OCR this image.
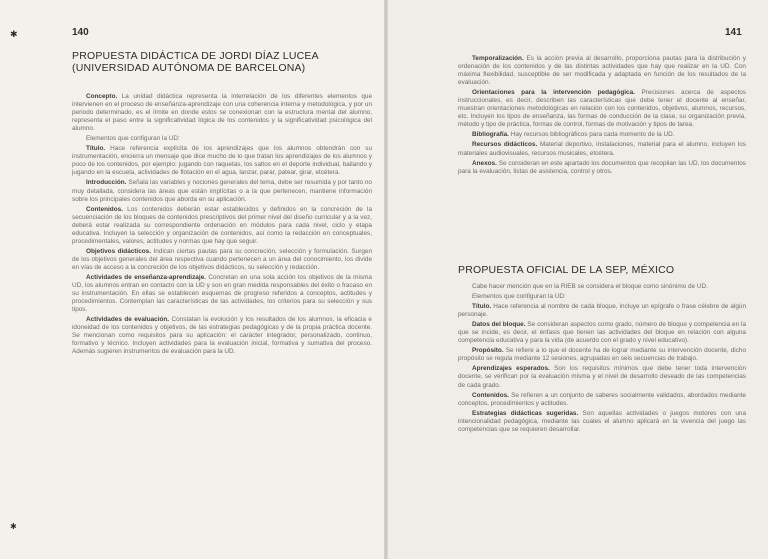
✱
✱
140	141
PROPUESTA DIDÁCTICA DE JORDI DÍAZ LUCEA
(UNIVERSIDAD AUTÓNOMA DE BARCELONA)

Concepto. La unidad didáctica representa la interrelación de los diferentes elementos que intervienen en el proceso de enseñanza-aprendizaje con una coherencia interna y metodológica, y por un periodo determinado, es el límite en donde estos se conexionan con la estructura mental del alumno, representa el paso entre la significatividad lógica de los contenidos y la significatividad psicológica del alumno.

Elementos que configuran la UD:

Título. Hace referencia explícita de los aprendizajes que los alumnos obtendrán con su instrumentación, encierra un mensaje que dice mucho de lo que tratan los aprendizajes de los alumnos y poco de los contenidos, por ejemplo: jugando con raquetas, los saltos en el deporte individual, bailando y jugando en la escuela, actividades de flotación en el agua, lanzar, parar, patear, girar, etcétera.

Introducción. Señala las variables y nociones generales del tema, debe ser resumida y por tanto no muy detallada, considera las áreas que están implícitas o a la que pertenecen, mantiene información sobre los principales contenidos que aborda en su aplicación.

Contenidos. Los contenidos deberán estar establecidos y definidos en la concreción de la secuenciación de los bloques de contenidos prescriptivos del primer nivel del diseño curricular y a la vez, deberá estar realizada su correspondiente ordenación en módulos para cada nivel, ciclo y etapa educativa. Incluyen la selección y organización de contenidos, así como la redacción en conceptuales, procedimentales, valores, actitudes y normas que hay que seguir.

Objetivos didácticos. Indican ciertas pautas para su concreción, selección y formulación. Surgen de los objetivos generales del área respectiva cuando pertenecen a un área del conocimiento, los divide en vías de acceso a la concreción de los objetivos didácticos, su selección y redacción.

Actividades de enseñanza-aprendizaje. Concretan en una sola acción los objetivos de la misma UD, los alumnos entran en contacto con la UD y son en gran medida responsables del éxito o fracaso en su instrumentación. En ellas se establecen esquemas de progreso referidos a conceptos, actitudes y procedimientos. Contemplan las características de las actividades, los criterios para su selección y sus tipos.

Actividades de evaluación. Constatan la evolución y los resultados de los alumnos, la eficacia e idoneidad de los contenidos y objetivos, de las estrategias pedagógicas y de la propia práctica docente. Se mencionan como requisitos para su aplicación: el carácter integrador, personalizado, continuo, formativo y técnico. Incluyen actividades para la evaluación inicial, formativa y sumativa del proceso. Además sugieren instrumentos de evaluación para la UD.

Temporalización. Es la acción previa al desarrollo, proporciona pautas para la distribución y ordenación de los contenidos y de las distintas actividades que hay que realizar en la UD. Con máxima flexibilidad, susceptible de ser modificada y adaptada en función de los resultados de la evaluación.

Orientaciones para la intervención pedagógica. Precisiones acerca de aspectos instruccionales, es decir, describen las características que debe tener el docente al enseñar, muestran orientaciones metodológicas en relación con los contenidos, objetivos, alumnos, recursos, etc. Incluyen los tipos de enseñanza, las formas de conducción de la clase, su organización previa, método y tipo de práctica, formas de control, formas de motivación y tipos de tarea.

Bibliografía. Hay recursos bibliográficos para cada momento de la UD.

Recursos didácticos. Material deportivo, instalaciones, material para el alumno, incluyen los materiales audiovisuales, recursos musicales, etcétera.

Anexos. Se consideran en este apartado los documentos que recopilan las UD, los documentos para la evaluación, listas de asistencia, control y otros.

PROPUESTA OFICIAL DE LA SEP, MÉXICO

Cabe hacer mención que en la RIEB se considera el bloque como sinónimo de UD.

Elementos que configuran la UD:

Título. Hace referencia al nombre de cada bloque, incluye un epígrafe o frase célebre de algún personaje.

Datos del bloque. Se consideran aspectos como grado, número de bloque y competencia en la que se incide, es decir, el énfasis que tienen las actividades del bloque en relación con alguna competencia educativa y para la vida (de acuerdo con el grado y nivel educativo).

Propósito. Se refiere a lo que el docente ha de lograr mediante su intervención docente, dicho propósito se regula mediante 12 sesiones, agrupadas en seis secuencias de trabajo.

Aprendizajes esperados. Son los requisitos mínimos que debe tener toda intervención docente, se verifican por la evaluación misma y el nivel de desarrollo deseado de las competencias de cada grado.

Contenidos. Se refieren a un conjunto de saberes socialmente validados, abordados mediante conceptos, procedimientos y actitudes.

Estrategias didácticas sugeridas. Son aquellas actividades o juegos motores con una intencionalidad pedagógica, mediante las cuales el alumno aplicará en la vivencia del juego las competencias que se requieren desarrollar.
